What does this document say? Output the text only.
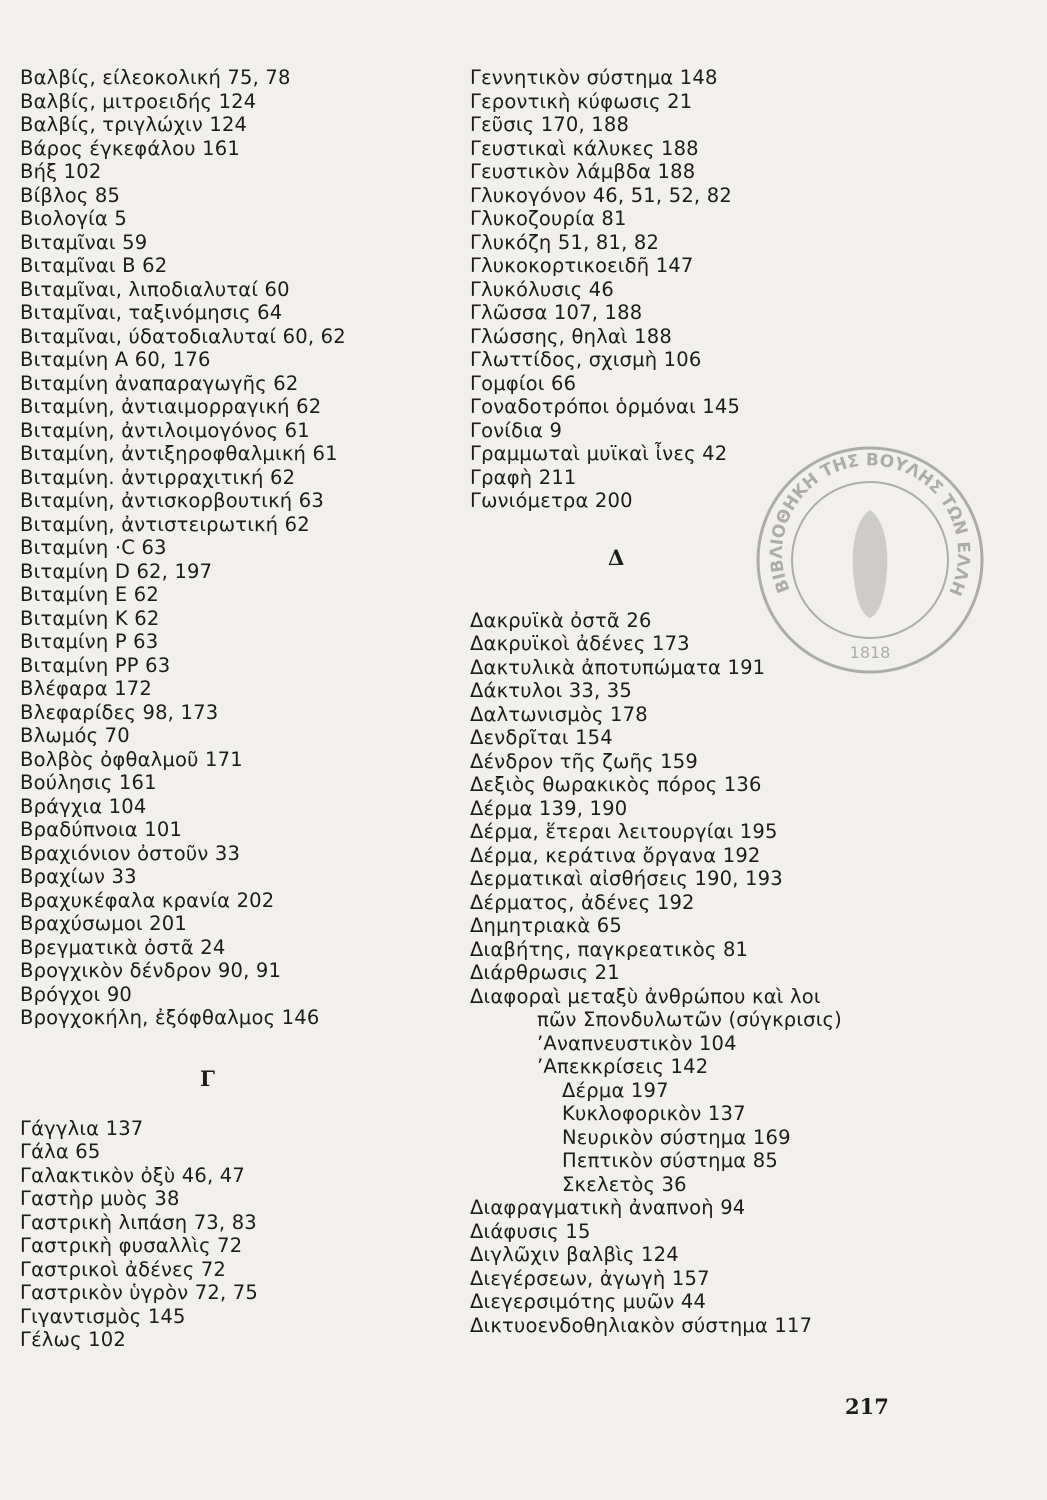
Βαλβίς, είλεοκολική 75, 78
Βαλβίς, μιτροειδής 124
Βαλβίς, τριγλώχιν 124
Βάρος έγκεφάλου 161
Βήξ 102
Βίβλος 85
Βιολογία 5
Βιταμῖναι 59
Βιταμῖναι Β 62
Βιταμῖναι, λιποδιαλυταί 60
Βιταμῖναι, ταξινόμησις 64
Βιταμῖναι, ύδατοδιαλυταί 60, 62
Βιταμίνη Α 60, 176
Βιταμίνη ἀναπαραγωγῆς 62
Βιταμίνη, ἀντιαιμορραγική 62
Βιταμίνη, ἀντιλοιμογόνος 61
Βιταμίνη, ἀντιξηροφθαλμική 61
Βιταμίνη. ἀντιρραχιτική 62
Βιταμίνη, ἀντισκορβουτική 63
Βιταμίνη, ἀντιστειρωτική 62
Βιταμίνη ·C 63
Βιταμίνη D 62, 197
Βιταμίνη Ε 62
Βιταμίνη Κ 62
Βιταμίνη Ρ 63
Βιταμίνη PP 63
Βλέφαρα 172
Βλεφαρίδες 98, 173
Βλωμός 70
Βολβὸς ὀφθαλμοῦ 171
Βούλησις 161
Βράγχια 104
Βραδύπνοια 101
Βραχιόνιον ὀστοῦν 33
Βραχίων 33
Βραχυκέφαλα κρανία 202
Βραχύσωμοι 201
Βρεγματικὰ ὀστᾶ 24
Βρογχικὸν δένδρον 90, 91
Βρόγχοι 90
Βρογχοκήλη, ἐξόφθαλμος 146
Γ
Γάγγλια 137
Γάλα 65
Γαλακτικὸν ὀξὺ 46, 47
Γαστὴρ μυὸς 38
Γαστρικὴ λιπάση 73, 83
Γαστρικὴ φυσαλλὶς 72
Γαστρικοὶ ἀδένες 72
Γαστρικὸν ὑγρὸν 72, 75
Γιγαντισμὸς 145
Γέλως 102
Γεννητικὸν σύστημα 148
Γεροντικὴ κύφωσις 21
Γεῦσις 170, 188
Γευστικαὶ κάλυκες 188
Γευστικὸν λάμβδα 188
Γλυκογόνον 46, 51, 52, 82
Γλυκοζουρία 81
Γλυκόζη 51, 81, 82
Γλυκοκορτικοειδῆ 147
Γλυκόλυσις 46
Γλῶσσα 107, 188
Γλώσσης, θηλαὶ 188
Γλωττίδος, σχισμὴ 106
Γομφίοι 66
Γοναδοτρόποι ὁρμόναι 145
Γονίδια 9
Γραμμωταὶ μυϊκαὶ ἶνες 42
Γραφὴ 211
Γωνιόμετρα 200
Δ
Δακρυϊκὰ ὀστᾶ 26
Δακρυϊκοὶ ἀδένες 173
Δακτυλικὰ ἀποτυπώματα 191
Δάκτυλοι 33, 35
Δαλτωνισμὸς 178
Δενδρῖται 154
Δένδρον τῆς ζωῆς 159
Δεξιὸς θωρακικὸς πόρος 136
Δέρμα 139, 190
Δέρμα, ἕτεραι λειτουργίαι 195
Δέρμα, κεράτινα ὄργανα 192
Δερματικαὶ αἰσθήσεις 190, 193
Δέρματος, ἀδένες 192
Δημητριακὰ 65
Διαβήτης, παγκρεατικὸς 81
Διάρθρωσις 21
Διαφοραὶ μεταξὺ ἀνθρώπου καὶ λοι
πῶν Σπονδυλωτῶν (σύγκρισις)
’Αναπνευστικὸν 104
’Απεκκρίσεις 142
Δέρμα 197
Κυκλοφορικὸν 137
Νευρικὸν σύστημα 169
Πεπτικὸν σύστημα 85
Σκελετὸς 36
Διαφραγματικὴ ἀναπνοὴ 94
Διάφυσις 15
Διγλῶχιν βαλβὶς 124
Διεγέρσεων, ἀγωγὴ 157
Διεγερσιμότης μυῶν 44
Δικτυοενδοθηλιακὸν σύστημα 117
ΒΙΒΛΙΟΘΗΚΗ ΤΗΣ ΒΟΥΛΗΣ ΤΩΝ ΕΛΛΗ
1818
217
